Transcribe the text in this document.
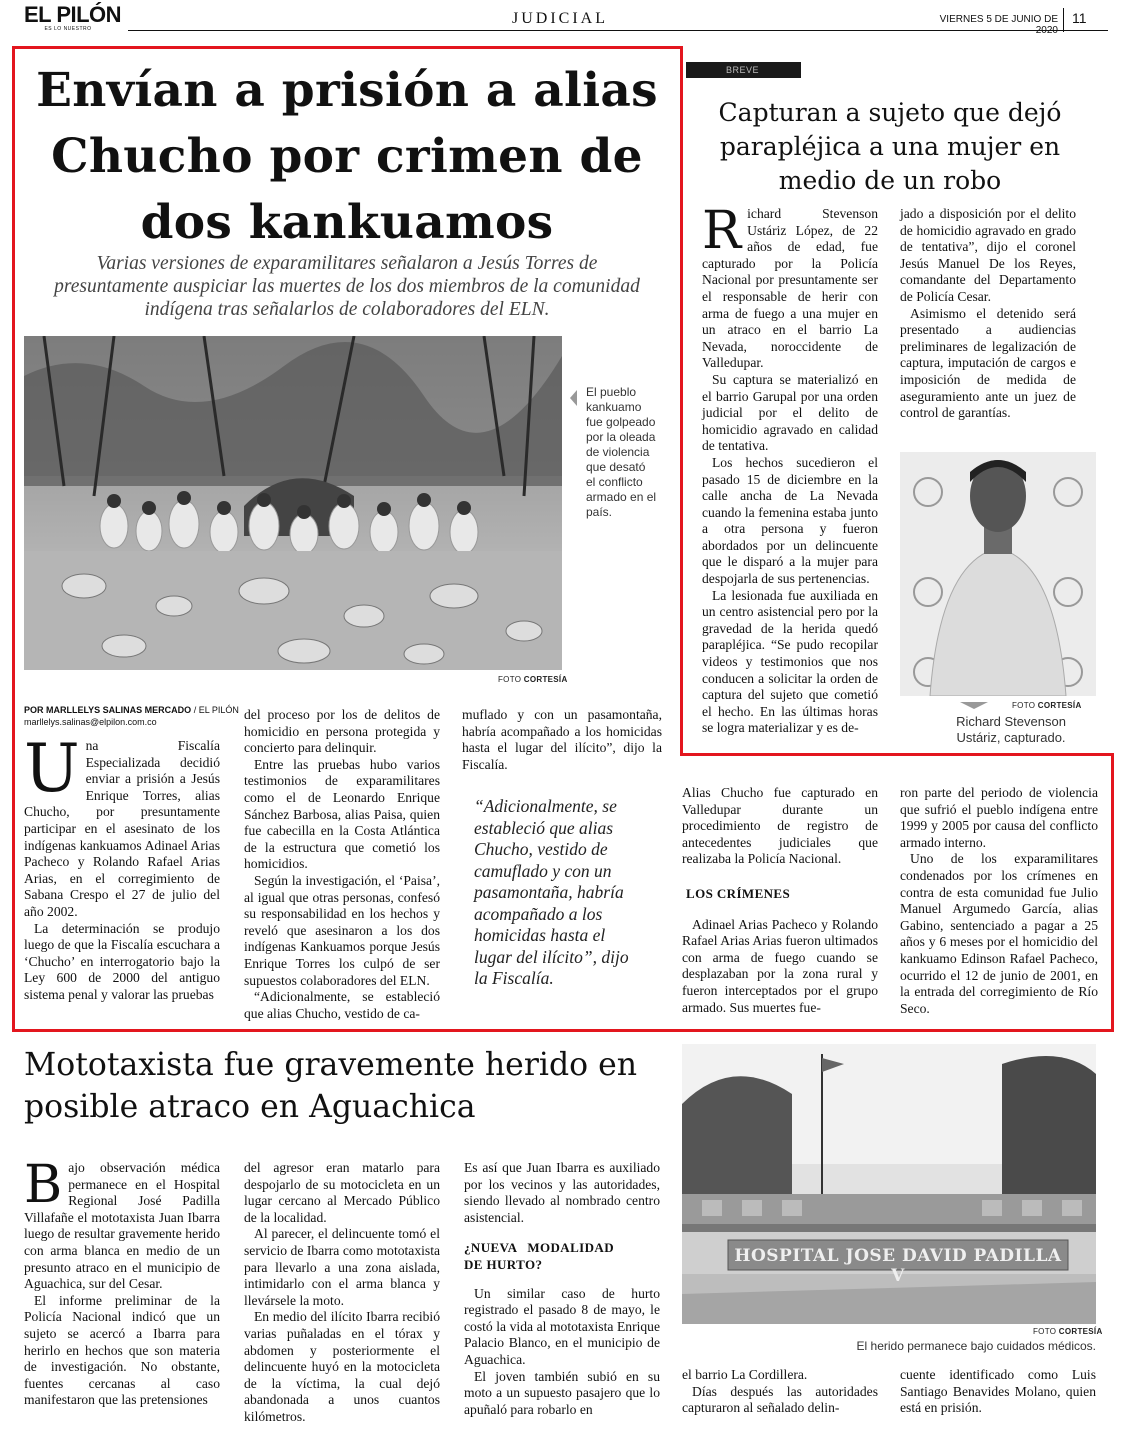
EL PILÓN
ES LO NUESTRO
JUDICIAL	VIERNES 5 DE JUNIO DE 11
Envían a prisión a alias Chucho por crimen de dos kankuamos
Varias versiones de exparamilitares señalaron a Jesús Torres de presuntamente auspiciar las muertes de los dos miembros de la comunidad indígena tras señalarlos de colaboradores del ELN.
FOTO CORTESÍA
El pueblo kankuamo fue golpeado por la oleada de violencia que desató el conflicto armado en el país.
POR MARLLELYS SALINAS MERCADO / EL PILÓN
marllelys.salinas@elpilon.com.co

Una Fiscalía Especializada decidió enviar a prisión a Jesús Enrique Torres, alias Chucho, por presuntamente participar en el asesinato de los indígenas kankuamos Adinael Arias Pacheco y Rolando Rafael Arias Arias, en el corregimiento de Sabana Crespo el 27 de julio del año 2002.

La determinación se produjo luego de que la Fiscalía escuchara a ‘Chucho’ en interrogatorio bajo la Ley 600 de 2000 del antiguo sistema penal y valorar las pruebas

del proceso por los de delitos de homicidio en persona protegida y concierto para delinquir.

Entre las pruebas hubo varios testimonios de exparamilitares como el de Leonardo Enrique Sánchez Barbosa, alias Paisa, quien fue cabecilla en la Costa Atlántica de la estructura que cometió los homicidios.

Según la investigación, el ‘Paisa’, al igual que otras personas, confesó su responsabilidad en los hechos y reveló que asesinaron a los dos indígenas Kankuamos porque Jesús Enrique Torres los culpó de ser supuestos colaboradores del ELN.

“Adicionalmente, se estableció que alias Chucho, vestido de ca-

muflado y con un pasamontaña, habría acompañado a los homicidas hasta el lugar del ilícito”, dijo la Fiscalía.

“Adicionalmente, se estableció que alias Chucho, vestido de camuflado y con un pasamontaña, habría acompañado a los homicidas hasta el lugar del ilícito”, dijo la Fiscalía.

Alias Chucho fue capturado en Valledupar durante un procedimiento de registro de antecedentes judiciales que realizaba la Policía Nacional.

LOS CRÍMENES

Adinael Arias Pacheco y Rolando Rafael Arias Arias fueron ultimados con arma de fuego cuando se desplazaban por la zona rural y fueron interceptados por el grupo armado. Sus muertes fue-

ron parte del periodo de violencia que sufrió el pueblo indígena entre 1999 y 2005 por causa del conflicto armado interno.

Uno de los exparamilitares condenados por los crímenes en contra de esta comunidad fue Julio Manuel Argumedo García, alias Gabino, sentenciado a pagar a 25 años y 6 meses por el homicidio del kankuamo Edinson Rafael Pacheco, ocurrido el 12 de junio de 2001, en la entrada del corregimiento de Río Seco.

BREVE
Capturan a sujeto que dejó parapléjica a una mujer en medio de un robo

Richard Stevenson Ustáriz López, de 22 años de edad, fue capturado por la Policía Nacional por presuntamente ser el responsable de herir con arma de fuego a una mujer en un atraco en el barrio La Nevada, noroccidente de Valledupar.

Su captura se materializó en el barrio Garupal por una orden judicial por el delito de homicidio agravado en calidad de tentativa.

Los hechos sucedieron el pasado 15 de diciembre en la calle ancha de La Nevada cuando la femenina estaba junto a otra persona y fueron abordados por un delincuente que le disparó a la mujer para despojarla de sus pertenencias.

La lesionada fue auxiliada en un centro asistencial pero por la gravedad de la herida quedó parapléjica. “Se pudo recopilar videos y testimonios que nos conducen a solicitar la orden de captura del sujeto que cometió el hecho. En las últimas horas se logra materializar y es de-

jado a disposición por el delito de homicidio agravado en grado de tentativa”, dijo el coronel Jesús Manuel De los Reyes, comandante del Departamento de Policía Cesar.

Asimismo el detenido será presentado a audiencias preliminares de legalización de captura, imputación de cargos e imposición de medida de aseguramiento ante un juez de control de garantías.

FOTO CORTESÍA
Richard Stevenson Ustáriz, capturado.
Mototaxista fue gravemente herido en posible atraco en Aguachica

Bajo observación médica permanece en el Hospital Regional José Padilla Villafañe el mototaxista Juan Ibarra luego de resultar gravemente herido con arma blanca en medio de un presunto atraco en el municipio de Aguachica, sur del Cesar.

El informe preliminar de la Policía Nacional indicó que un sujeto se acercó a Ibarra para herirlo en hechos que son materia de investigación. No obstante, fuentes cercanas al caso manifestaron que las pretensiones

del agresor eran matarlo para despojarlo de su motocicleta en un lugar cercano al Mercado Público de la localidad.

Al parecer, el delincuente tomó el servicio de Ibarra como mototaxista para llevarlo a una zona aislada, intimidarlo con el arma blanca y llevársele la moto.

En medio del ilícito Ibarra recibió varias puñaladas en el tórax y abdomen y posteriormente el delincuente huyó en la motocicleta de la víctima, la cual dejó abandonada a unos cuantos kilómetros.

Es así que Juan Ibarra es auxiliado por los vecinos y las autoridades, siendo llevado al nombrado centro asistencial.

¿NUEVA MODALIDAD DE HURTO?

Un similar caso de hurto registrado el pasado 8 de mayo, le costó la vida al mototaxista Enrique Palacio Blanco, en el municipio de Aguachica.

El joven también subió en su moto a un supuesto pasajero que lo apuñaló para robarlo en

el barrio La Cordillera.

Días después las autoridades capturaron al señalado delin-

cuente identificado como Luis Santiago Benavides Molano, quien está en prisión.

HOSPITAL JOSE DAVID PADILLA V
FOTO CORTESÍA
El herido permanece bajo cuidados médicos.
